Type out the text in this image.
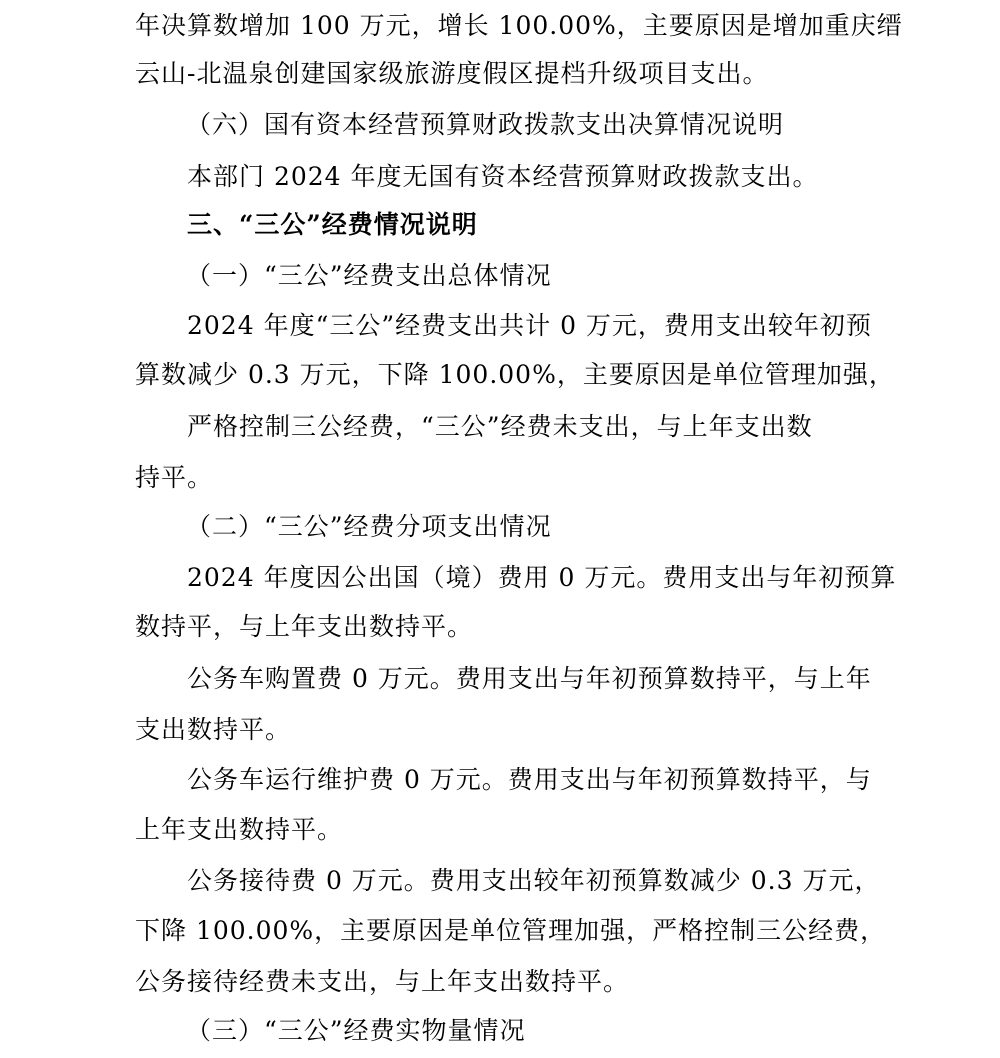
年决算数增加 100 万元，增长 100.00%，主要原因是增加重庆缙
云山-北温泉创建国家级旅游度假区提档升级项目支出。
（六）国有资本经营预算财政拨款支出决算情况说明
本部门 2024 年度无国有资本经营预算财政拨款支出。
三、“三公”经费情况说明
（一）“三公”经费支出总体情况
2024 年度“三公”经费支出共计 0 万元，费用支出较年初预
算数减少 0.3 万元，下降 100.00%，主要原因是单位管理加强，
严格控制三公经费，“三公”经费未支出，与上年支出数
持平。
（二）“三公”经费分项支出情况
2024 年度因公出国（境）费用 0 万元。费用支出与年初预算
数持平，与上年支出数持平。
公务车购置费 0 万元。费用支出与年初预算数持平，与上年
支出数持平。
公务车运行维护费 0 万元。费用支出与年初预算数持平，与
上年支出数持平。
公务接待费 0 万元。费用支出较年初预算数减少 0.3 万元，
下降 100.00%，主要原因是单位管理加强，严格控制三公经费，
公务接待经费未支出，与上年支出数持平。
（三）“三公”经费实物量情况
